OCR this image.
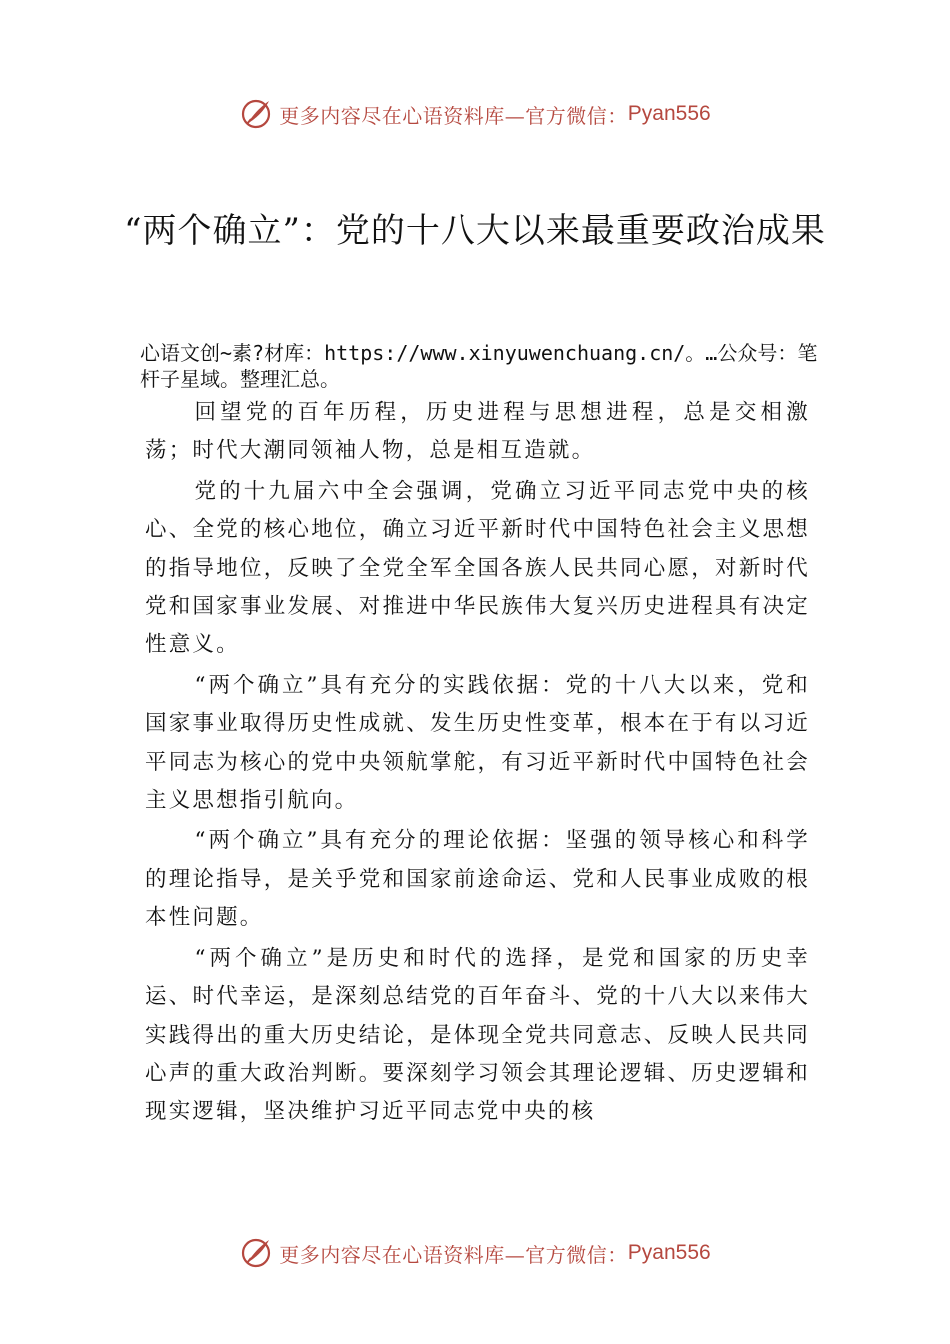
更多内容尽在心语资料库—官方微信： Pyan556
“两个确立”：党的十八大以来最重要政治成果
心语文创~素?材库：https://www.xinyuwenchuang.cn/。…公众号：笔杆子星域。整理汇总。

回望党的百年历程，历史进程与思想进程，总是交相激荡；时代大潮同领袖人物，总是相互造就。

党的十九届六中全会强调，党确立习近平同志党中央的核心、全党的核心地位，确立习近平新时代中国特色社会主义思想的指导地位，反映了全党全军全国各族人民共同心愿，对新时代党和国家事业发展、对推进中华民族伟大复兴历史进程具有决定性意义。

“两个确立”具有充分的实践依据：党的十八大以来，党和国家事业取得历史性成就、发生历史性变革，根本在于有以习近平同志为核心的党中央领航掌舵，有习近平新时代中国特色社会主义思想指引航向。

“两个确立”具有充分的理论依据：坚强的领导核心和科学的理论指导，是关乎党和国家前途命运、党和人民事业成败的根本性问题。

“两个确立”是历史和时代的选择，是党和国家的历史幸运、时代幸运，是深刻总结党的百年奋斗、党的十八大以来伟大实践得出的重大历史结论，是体现全党共同意志、反映人民共同心声的重大政治判断。要深刻学习领会其理论逻辑、历史逻辑和现实逻辑，坚决维护习近平同志党中央的核

更多内容尽在心语资料库—官方微信： Pyan556
